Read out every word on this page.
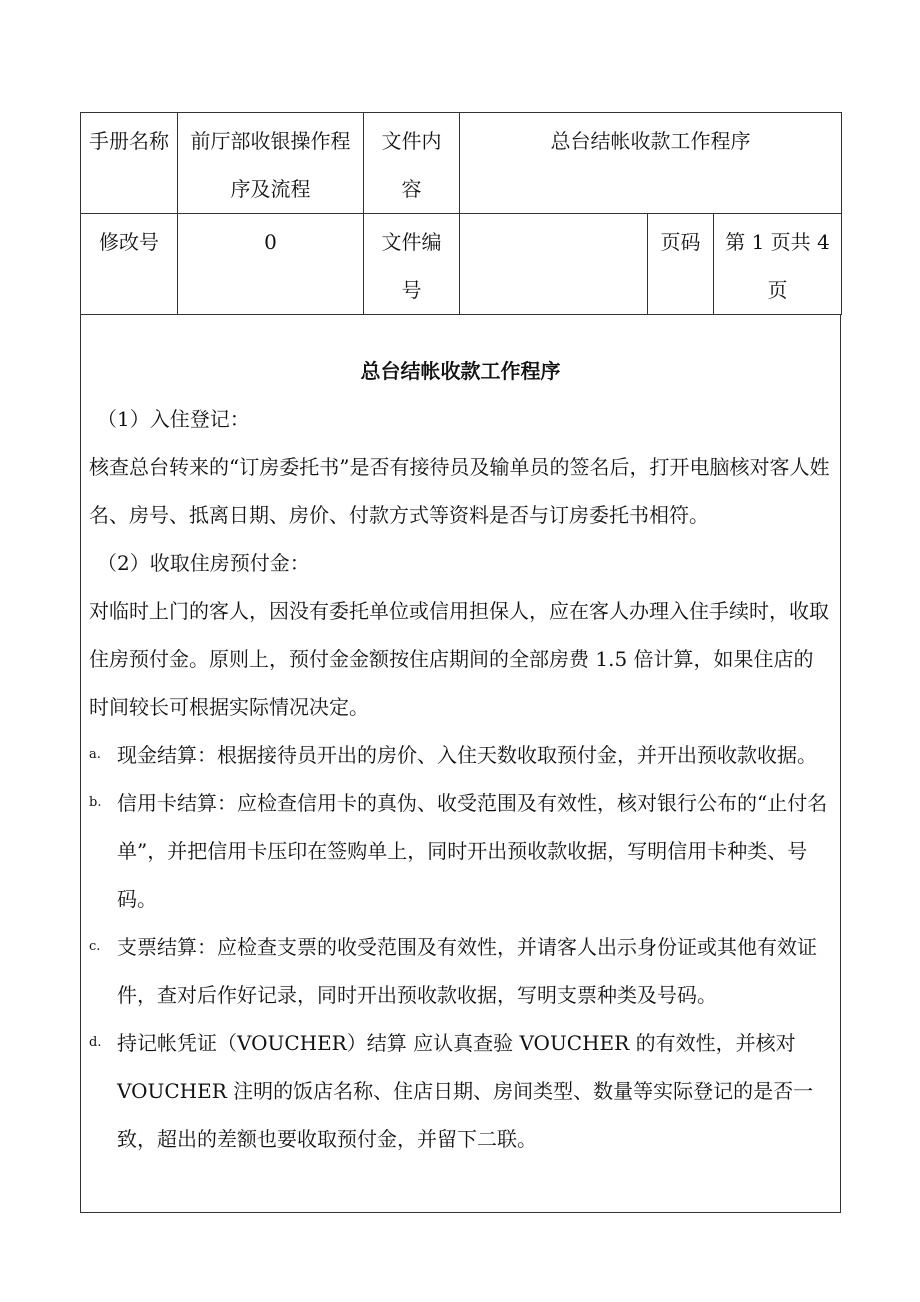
手册名称	前厅部收银操作程序及流程	文件内容	总台结帐收款工作程序		
修改号	0	文件编号		页码	第 1 页共 4 页
总台结帐收款工作程序

（1）入住登记：

核查总台转来的“订房委托书”是否有接待员及输单员的签名后，打开电脑核对客人姓名、房号、抵离日期、房价、付款方式等资料是否与订房委托书相符。

（2）收取住房预付金：

对临时上门的客人，因没有委托单位或信用担保人，应在客人办理入住手续时，收取住房预付金。原则上，预付金金额按住店期间的全部房费 1.5 倍计算，如果住店的时间较长可根据实际情况决定。

a. 现金结算：根据接待员开出的房价、入住天数收取预付金，并开出预收款收据。

b. 信用卡结算：应检查信用卡的真伪、收受范围及有效性，核对银行公布的“止付名单”，并把信用卡压印在签购单上，同时开出预收款收据，写明信用卡种类、号码。

c. 支票结算：应检查支票的收受范围及有效性，并请客人出示身份证或其他有效证件，查对后作好记录，同时开出预收款收据，写明支票种类及号码。

d. 持记帐凭证（VOUCHER）结算 应认真查验 VOUCHER 的有效性，并核对 VOUCHER 注明的饭店名称、住店日期、房间类型、数量等实际登记的是否一致，超出的差额也要收取预付金，并留下二联。
